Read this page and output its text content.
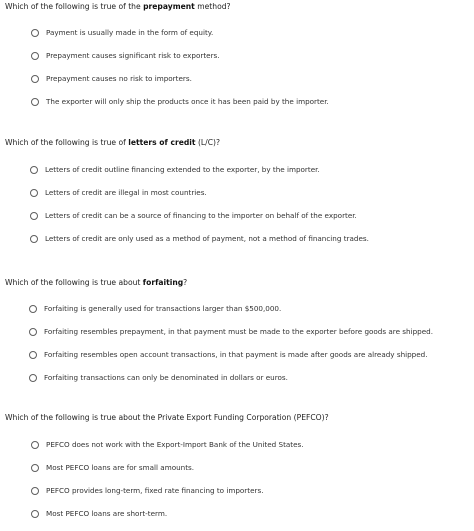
Which of the following is true of the prepayment method?
Payment is usually made in the form of equity.
Prepayment causes significant risk to exporters.
Prepayment causes no risk to importers.
The exporter will only ship the products once it has been paid by the importer.
Which of the following is true of letters of credit (L/C)?
Letters of credit outline financing extended to the exporter, by the importer.
Letters of credit are illegal in most countries.
Letters of credit can be a source of financing to the importer on behalf of the exporter.
Letters of credit are only used as a method of payment, not a method of financing trades.
Which of the following is true about forfaiting?
Forfaiting is generally used for transactions larger than $500,000.
Forfaiting resembles prepayment, in that payment must be made to the exporter before goods are shipped.
Forfaiting resembles open account transactions, in that payment is made after goods are already shipped.
Forfaiting transactions can only be denominated in dollars or euros.
Which of the following is true about the Private Export Funding Corporation (PEFCO)?
PEFCO does not work with the Export-Import Bank of the United States.
Most PEFCO loans are for small amounts.
PEFCO provides long-term, fixed rate financing to importers.
Most PEFCO loans are short-term.
